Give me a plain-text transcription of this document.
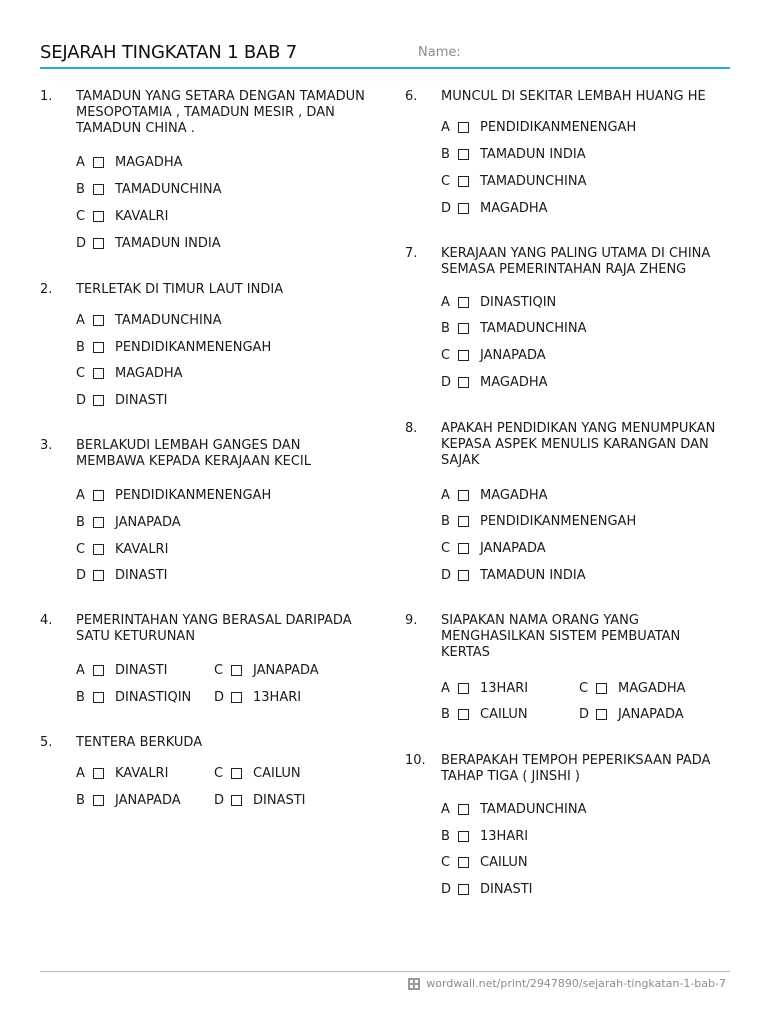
SEJARAH TINGKATAN 1 BAB 7	Name:
1. TAMADUN YANG SETARA DENGAN TAMADUN MESOPOTAMIA , TAMADUN MESIR , DAN TAMADUN CHINA .
A	MAGADHA
B	TAMADUNCHINA
C	KAVALRI
D	TAMADUN INDIA
2. TERLETAK DI TIMUR LAUT INDIA
A	TAMADUNCHINA
B	PENDIDIKANMENENGAH
C	MAGADHA
D	DINASTI
3. BERLAKUDI LEMBAH GANGES DAN MEMBAWA KEPADA KERAJAAN KECIL
A	PENDIDIKANMENENGAH
B	JANAPADA
C	KAVALRI
D	DINASTI
4. PEMERINTAHAN YANG BERASAL DARIPADA SATU KETURUNAN
A	DINASTI	C	JANAPADA
B	DINASTIQIN D	13HARI
5. TENTERA BERKUDA
A	KAVALRI	C	CAILUN
B	JANAPADA	D	DINASTI
6. MUNCUL DI SEKITAR LEMBAH HUANG HE
A	PENDIDIKANMENENGAH
B	TAMADUN INDIA
C	TAMADUNCHINA
D	MAGADHA
7. KERAJAAN YANG PALING UTAMA DI CHINA SEMASA PEMERINTAHAN RAJA ZHENG
A	DINASTIQIN
B	TAMADUNCHINA
C	JANAPADA
D	MAGADHA
8. APAKAH PENDIDIKAN YANG MENUMPUKAN KEPASA ASPEK MENULIS KARANGAN DAN SAJAK
A	MAGADHA
B	PENDIDIKANMENENGAH
C	JANAPADA
D	TAMADUN INDIA
9. SIAPAKAN NAMA ORANG YANG MENGHASILKAN SISTEM PEMBUATAN KERTAS
A	13HARI	C	MAGADHA
B	CAILUN	D	JANAPADA
10. BERAPAKAH TEMPOH PEPERIKSAAN PADA TAHAP TIGA ( JINSHI )
A	TAMADUNCHINA
B	13HARI
C	CAILUN
D	DINASTI
wordwall.net/print/2947890/sejarah-tingkatan-1-bab-7
